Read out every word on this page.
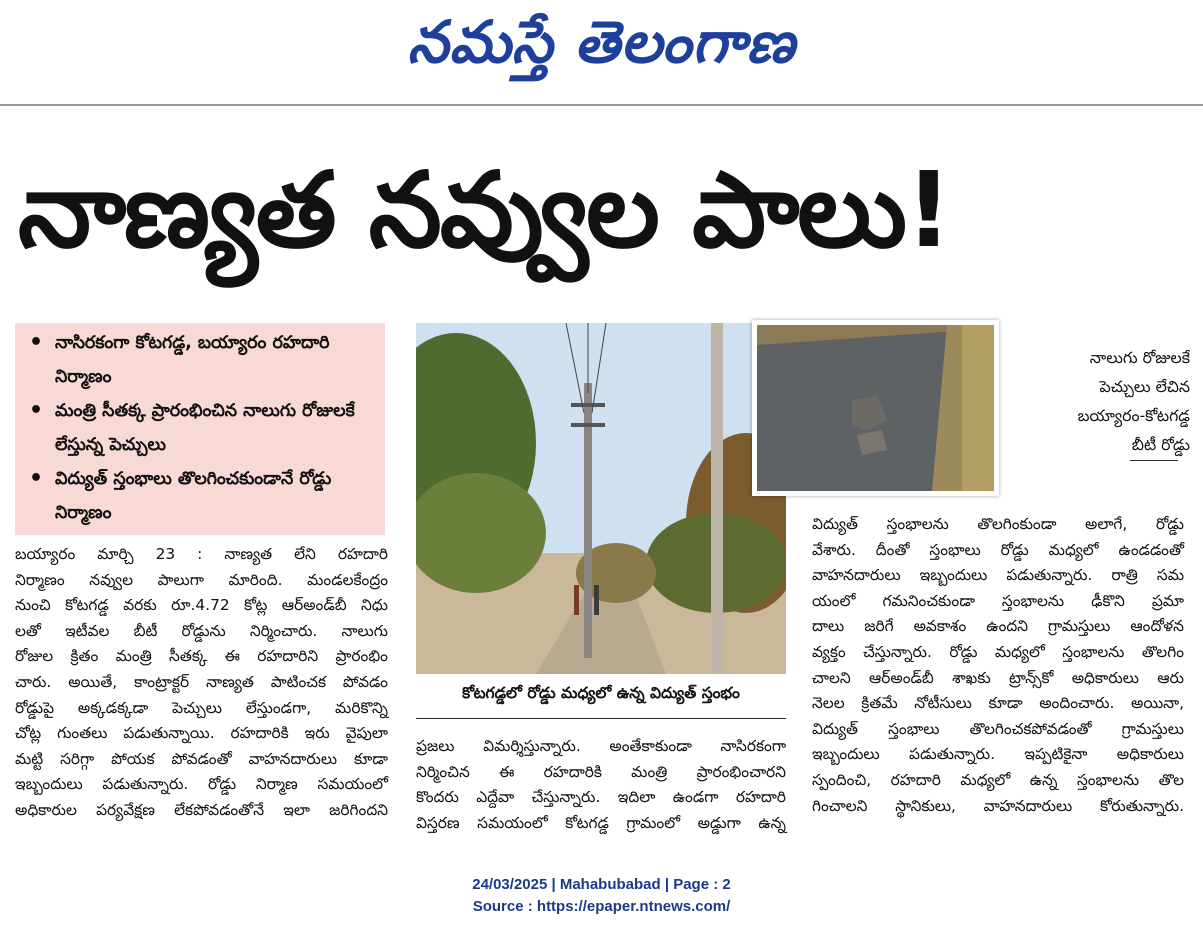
నమస్తే తెలంగాణ
నాణ్యత నవ్వుల పాలు!
• నాసిరకంగా కోటగడ్డ, బయ్యారం రహదారి నిర్మాణం
• మంత్రి సీతక్క ప్రారంభించిన నాలుగు రోజులకే లేస్తున్న పెచ్చులు
• విద్యుత్ స్తంభాలు తొలగించకుండానే రోడ్డు నిర్మాణం

బయ్యారం మార్చి 23 : నాణ్యత లేని రహదారి

నిర్మాణం నవ్వుల పాలుగా మారింది. మండలకేంద్రం

నుంచి కోటగడ్డ వరకు రూ.4.72 కోట్ల ఆర్‌అండ్‌బీ నిధు

లతో ఇటీవల బీటీ రోడ్డును నిర్మించారు. నాలుగు

రోజుల క్రితం మంత్రి సీతక్క ఈ రహదారిని ప్రారంభిం

చారు. అయితే, కాంట్రాక్టర్ నాణ్యత పాటించక పోవడం

రోడ్డుపై అక్కడక్కడా పెచ్చులు లేస్తుండగా, మరికొన్ని

చోట్ల గుంతలు పడుతున్నాయి. రహదారికి ఇరు వైపులా

మట్టి సరిగ్గా పోయక పోవడంతో వాహనదారులు కూడా

ఇబ్బందులు పడుతున్నారు. రోడ్డు నిర్మాణ సమయంలో

అధికారుల పర్యవేక్షణ లేకపోవడంతోనే ఇలా జరిగిందని

కోటగడ్డలో రోడ్డు మధ్యలో ఉన్న విద్యుత్ స్తంభం
నాలుగు రోజులకే
పెచ్చులు లేచిన
బయ్యారం-కోటగడ్డ
బీటీ రోడ్డు

ప్రజలు విమర్శిస్తున్నారు. అంతేకాకుండా నాసిరకంగా

నిర్మించిన ఈ రహదారికి మంత్రి ప్రారంభించారని

కొందరు ఎద్దేవా చేస్తున్నారు. ఇదిలా ఉండగా రహదారి

విస్తరణ సమయంలో కోటగడ్డ గ్రామంలో అడ్డుగా ఉన్న

విద్యుత్ స్తంభాలను తొలగింకుండా అలాగే, రోడ్డు

వేశారు. దీంతో స్తంభాలు రోడ్డు మధ్యలో ఉండడంతో

వాహనదారులు ఇబ్బందులు పడుతున్నారు. రాత్రి సమ

యంలో గమనించకుండా స్తంభాలను ఢీకొని ప్రమా

దాలు జరిగే అవకాశం ఉందని గ్రామస్తులు ఆందోళన

వ్యక్తం చేస్తున్నారు. రోడ్డు మధ్యలో స్తంభాలను తొలగిం

చాలని ఆర్‌అండ్‌బీ శాఖకు ట్రాన్స్‌కో అధికారులు ఆరు

నెలల క్రితమే నోటీసులు కూడా అందించారు. అయినా,

విద్యుత్ స్తంభాలు తొలగించకపోవడంతో గ్రామస్తులు

ఇబ్బందులు పడుతున్నారు. ఇప్పటికైనా అధికారులు

స్పందించి, రహదారి మధ్యలో ఉన్న స్తంభాలను తొల

గించాలని స్థానికులు, వాహనదారులు కోరుతున్నారు.

24/03/2025 | Mahabubabad | Page : 2
Source : https://epaper.ntnews.com/
